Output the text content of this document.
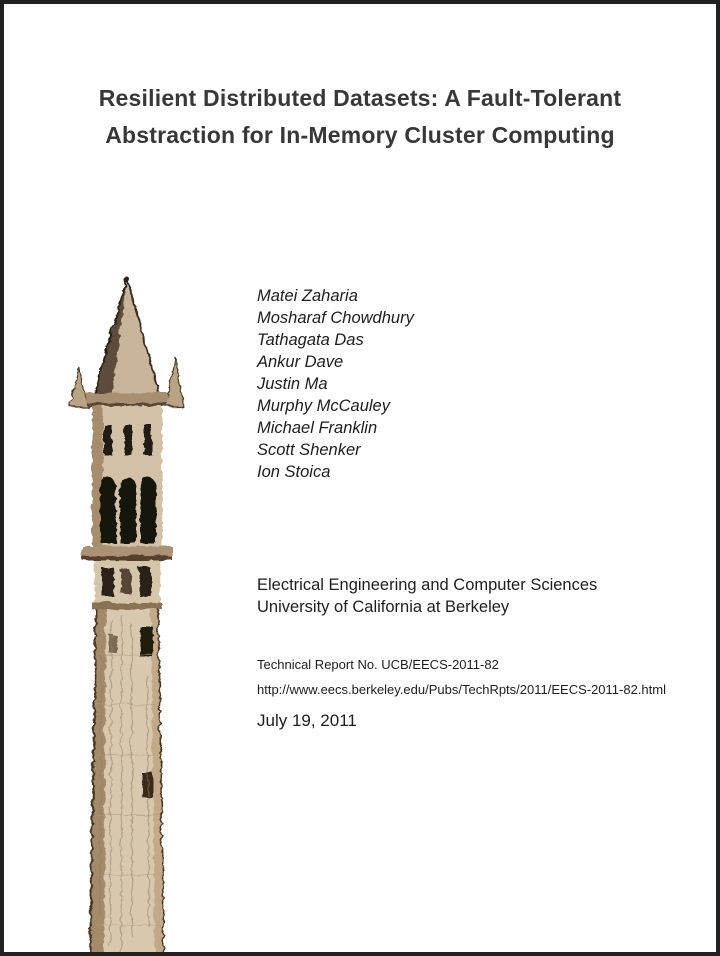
Resilient Distributed Datasets: A Fault-Tolerant
Abstraction for In-Memory Cluster Computing
Matei Zaharia
Mosharaf Chowdhury
Tathagata Das
Ankur Dave
Justin Ma
Murphy McCauley
Michael Franklin
Scott Shenker
Ion Stoica
Electrical Engineering and Computer Sciences
University of California at Berkeley
Technical Report No. UCB/EECS-2011-82
http://www.eecs.berkeley.edu/Pubs/TechRpts/2011/EECS-2011-82.html
July 19, 2011
